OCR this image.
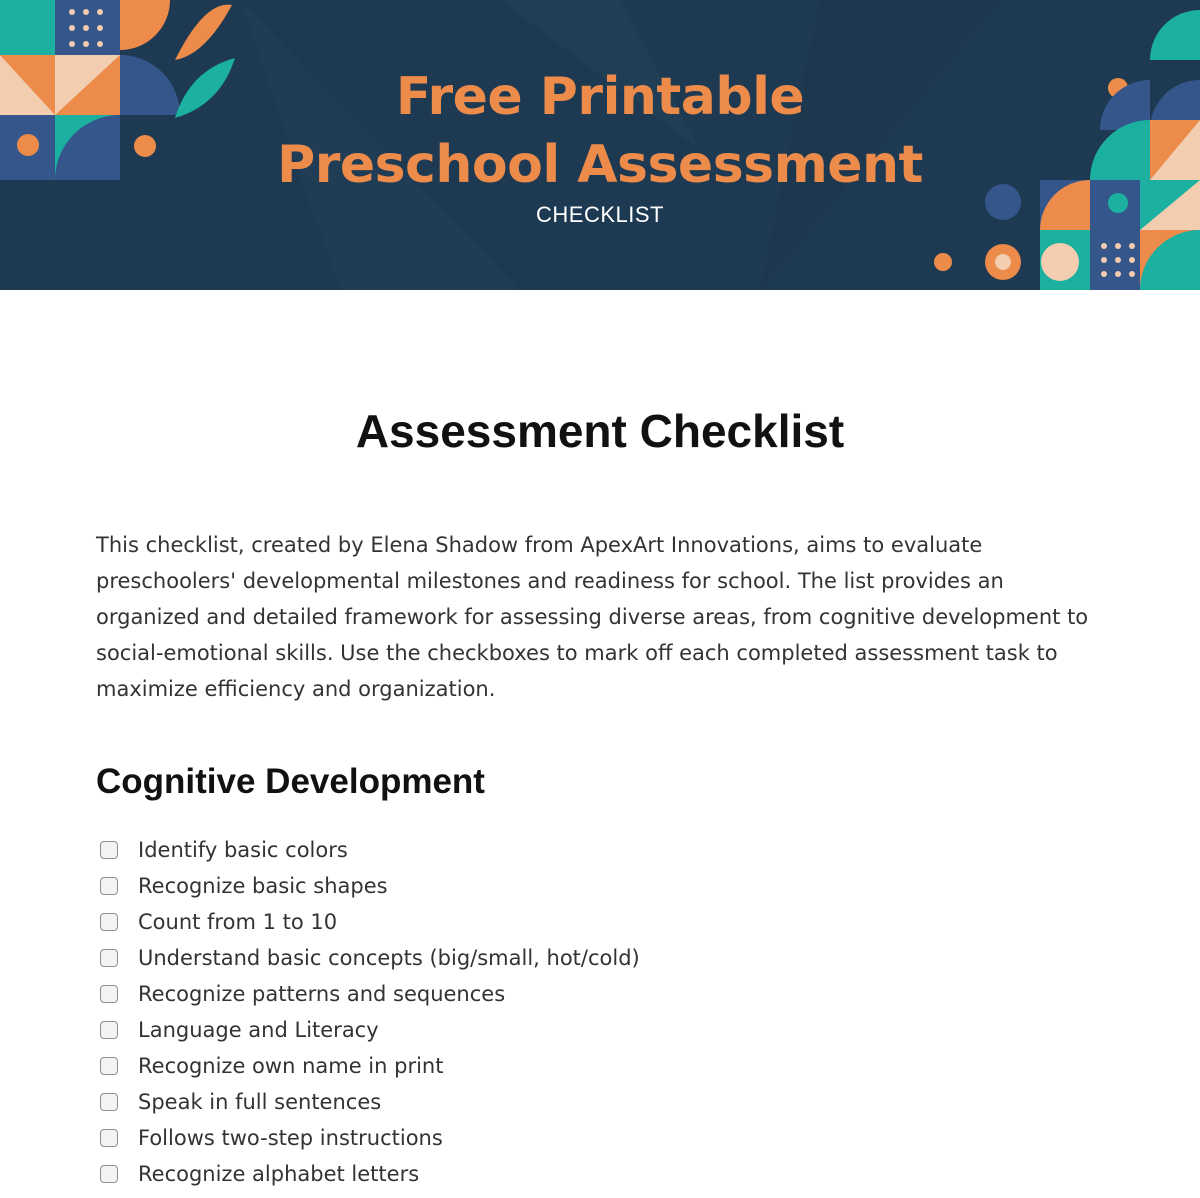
Free Printable
Preschool Assessment
CHECKLIST
Assessment Checklist

This checklist, created by Elena Shadow from ApexArt Innovations, aims to evaluate preschoolers' developmental milestones and readiness for school. The list provides an organized and detailed framework for assessing diverse areas, from cognitive development to social-emotional skills. Use the checkboxes to mark off each completed assessment task to maximize efficiency and organization.

Cognitive Development
Identify basic colors
Recognize basic shapes
Count from 1 to 10
Understand basic concepts (big/small, hot/cold)
Recognize patterns and sequences
Language and Literacy
Recognize own name in print
Speak in full sentences
Follows two-step instructions
Recognize alphabet letters
